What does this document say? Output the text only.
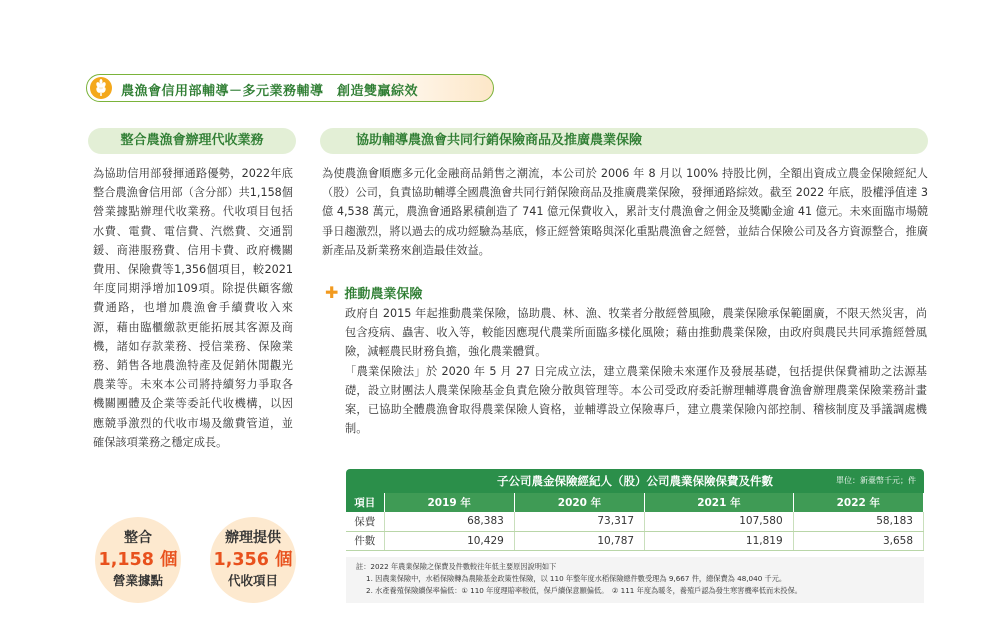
農漁會信用部輔導－多元業務輔導　創造雙贏綜效
整合農漁會辦理代收業務
為協助信用部發揮通路優勢，2022年底整合農漁會信用部（含分部）共1,158個營業據點辦理代收業務。代收項目包括水費、電費、電信費、汽燃費、交通罰鍰、商港服務費、信用卡費、政府機關費用、保險費等1,356個項目，較2021年度同期淨增加109項。除提供顧客繳費通路，也增加農漁會手續費收入來源，藉由臨櫃繳款更能拓展其客源及商機，諸如存款業務、授信業務、保險業務、銷售各地農漁特產及促銷休閒觀光農業等。未來本公司將持續努力爭取各機關團體及企業等委託代收機構，以因應競爭激烈的代收市場及繳費管道，並確保該項業務之穩定成長。
整合
1,158 個
營業據點
辦理提供
1,356 個
代收項目
協助輔導農漁會共同行銷保險商品及推廣農業保險
為使農漁會順應多元化金融商品銷售之潮流，本公司於 2006 年 8 月以 100% 持股比例，全額出資成立農金保險經紀人（股）公司，負責協助輔導全國農漁會共同行銷保險商品及推廣農業保險，發揮通路綜效。截至 2022 年底，股權淨值達 3 億 4,538 萬元，農漁會通路累積創造了 741 億元保費收入，累計支付農漁會之佣金及獎勵金逾 41 億元。未來面臨市場競爭日趨激烈，將以過去的成功經驗為基底，修正經營策略與深化重點農漁會之經營，並結合保險公司及各方資源整合，推廣新產品及新業務來創造最佳效益。
✚ 推動農業保險

政府自 2015 年起推動農業保險，協助農、林、漁、牧業者分散經營風險，農業保險承保範圍廣，不限天然災害，尚包含疫病、蟲害、收入等，較能因應現代農業所面臨多樣化風險；藉由推動農業保險，由政府與農民共同承擔經營風險，減輕農民財務負擔，強化農業體質。

「農業保險法」於 2020 年 5 月 27 日完成立法，建立農業保險未來運作及發展基礎，包括提供保費補助之法源基礎，設立財團法人農業保險基金負責危險分散與管理等。本公司受政府委託辦理輔導農會漁會辦理農業保險業務計畫案，已協助全體農漁會取得農業保險人資格，並輔導設立保險專戶，建立農業保險內部控制、稽核制度及爭議調處機制。

子公司農金保險經紀人（股）公司農業保險保費及件數	單位：新臺幣千元；件
項目	2019 年	2020 年	2021 年	2022 年
保費	68,383	73,317	107,580	58,183
件數	10,429	10,787	11,819	3,658
註：2022 年農業保險之保費及件數較往年低主要原因說明如下
1. 因農業保險中，水稻保險轉為農險基金政策性保險，以 110 年整年度水稻保險總件數受理為 9,667 件，總保費為 48,040 千元。
2. 水產養殖保險續保率偏低：① 110 年度理賠率較低，保戶續保意願偏低。　② 111 年度為暖冬，養殖戶認為發生寒害機率低而未投保。
